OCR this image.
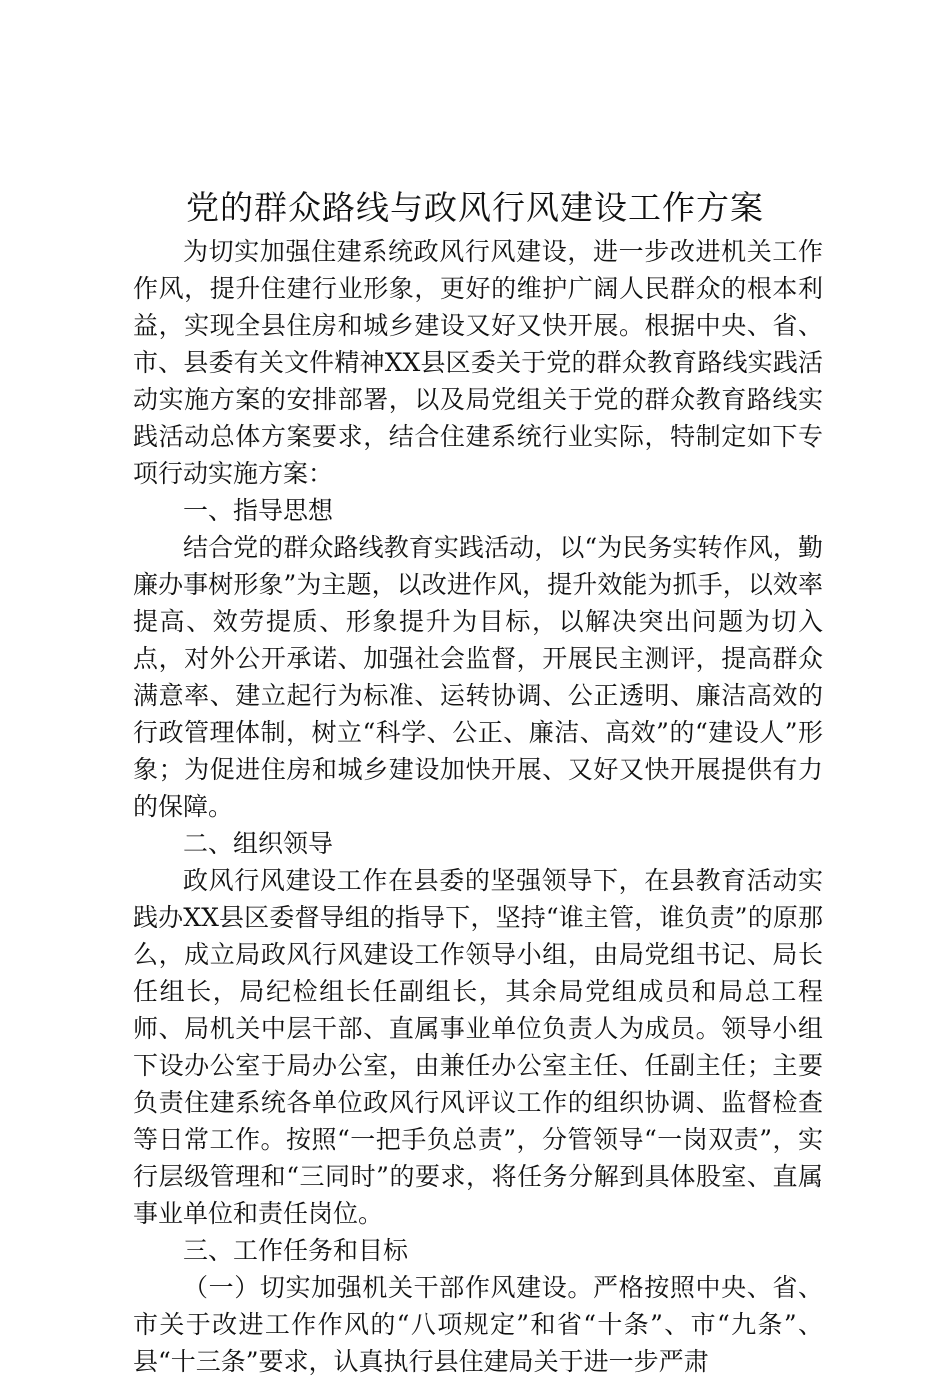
党的群众路线与政风行风建设工作方案

为切实加强住建系统政风行风建设，进一步改进机关工作作风，提升住建行业形象，更好的维护广阔人民群众的根本利益，实现全县住房和城乡建设又好又快开展。根据中央、省、市、县委有关文件精神XX县区委关于党的群众教育路线实践活动实施方案的安排部署，以及局党组关于党的群众教育路线实践活动总体方案要求，结合住建系统行业实际，特制定如下专项行动实施方案：

一、指导思想

结合党的群众路线教育实践活动，以“为民务实转作风，勤廉办事树形象”为主题，以改进作风，提升效能为抓手，以效率提高、效劳提质、形象提升为目标，以解决突出问题为切入点，对外公开承诺、加强社会监督，开展民主测评，提高群众满意率、建立起行为标准、运转协调、公正透明、廉洁高效的行政管理体制，树立“科学、公正、廉洁、高效”的“建设人”形象；为促进住房和城乡建设加快开展、又好又快开展提供有力的保障。

二、组织领导

政风行风建设工作在县委的坚强领导下，在县教育活动实践办XX县区委督导组的指导下，坚持“谁主管，谁负责”的原那么，成立局政风行风建设工作领导小组，由局党组书记、局长任组长，局纪检组长任副组长，其余局党组成员和局总工程师、局机关中层干部、直属事业单位负责人为成员。领导小组下设办公室于局办公室，由兼任办公室主任、任副主任；主要负责住建系统各单位政风行风评议工作的组织协调、监督检查等日常工作。按照“一把手负总责”，分管领导“一岗双责”，实行层级管理和“三同时”的要求，将任务分解到具体股室、直属事业单位和责任岗位。

三、工作任务和目标

（一）切实加强机关干部作风建设。严格按照中央、省、市关于改进工作作风的“八项规定”和省“十条”、市“九条”、县“十三条”要求，认真执行县住建局关于进一步严肃
